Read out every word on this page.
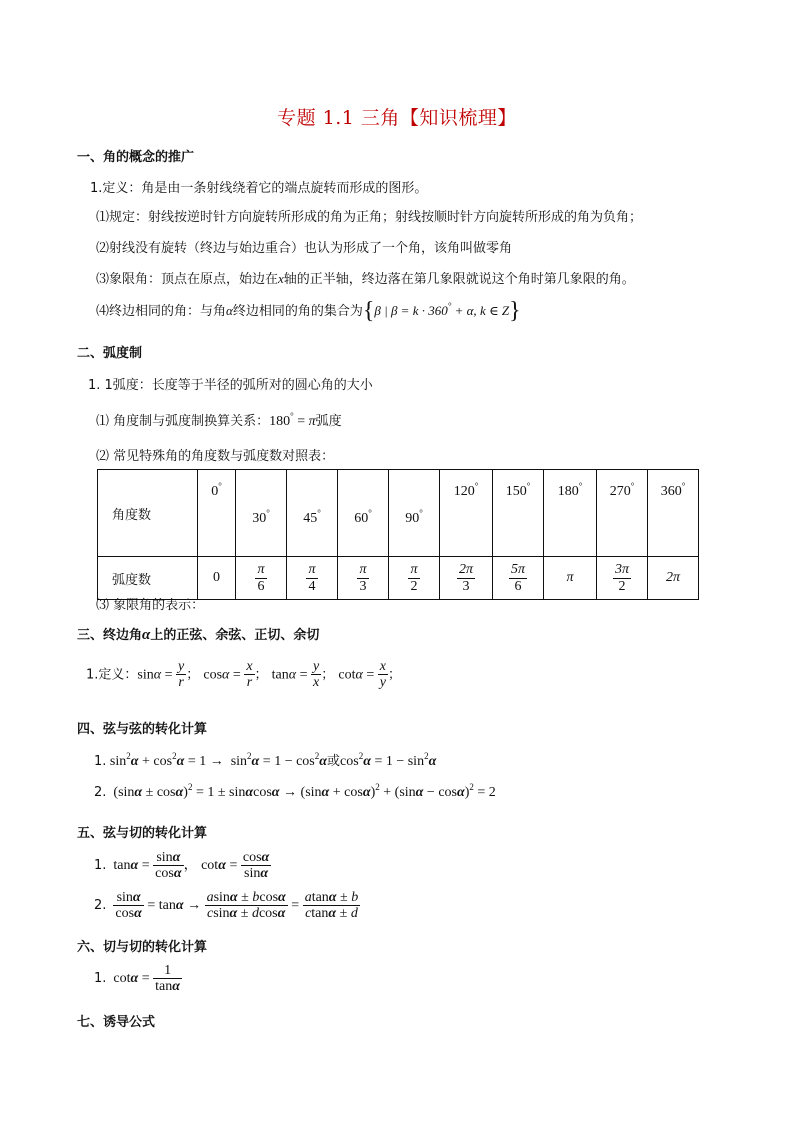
专题 1.1 三角【知识梳理】
一、角的概念的推广
1.定义：角是由一条射线绕着它的端点旋转而形成的图形。
⑴规定：射线按逆时针方向旋转所形成的角为正角；射线按顺时针方向旋转所形成的角为负角；
⑵射线没有旋转（终边与始边重合）也认为形成了一个角，该角叫做零角
⑶象限角：顶点在原点，始边在x轴的正半轴，终边落在第几象限就说这个角时第几象限的角。
⑷终边相同的角：与角α终边相同的角的集合为{β | β = k · 360° + α, k ∈ Z}
二、弧度制
1. 1弧度：长度等于半径的弧所对的圆心角的大小
⑴ 角度制与弧度制换算关系：180° = π弧度
⑵ 常见特殊角的角度数与弧度数对照表：
角度数	0°	30°	45°	60°	90°	120°	150°	180°	270°	360°
弧度数	0	$\frac{\pi}{6}$	$\frac{\pi}{4}$	$\frac{\pi}{3}$	$\frac{\pi}{2}$	$\frac{2\pi}{3}$	$\frac{5\pi}{6}$	π	$\frac{3\pi}{2}$	2π
⑶ 象限角的表示：
三、终边角α上的正弦、余弦、正切、余切
1.定义：$\sin\alpha = \frac{y}{r}$ ； $\cos\alpha = \frac{x}{r}$ ； $\tan\alpha = \frac{y}{x}$ ； $\cot\alpha = \frac{x}{y}$ ；
四、弦与弦的转化计算
1. $\sin^2\alpha + \cos^2\alpha = 1 \to \sin^2\alpha = 1 - \cos^2\alpha$或$\cos^2\alpha = 1 - \sin^2\alpha$
2.  $(\sin\alpha \pm \cos\alpha)^2 = 1 \pm \sin\alpha\cos\alpha \to (\sin\alpha + \cos\alpha)^2 + (\sin\alpha - \cos\alpha)^2 = 2$
五、弦与切的转化计算
1.  $\tan\alpha = \frac{\sin\alpha}{\cos\alpha}$ ， $\cot\alpha = \frac{\cos\alpha}{\sin\alpha}$
2. $\frac{\sin\alpha}{\cos\alpha} = \tan\alpha \to \frac{asin\alpha \pm bcos\alpha}{csin\alpha \pm dcos\alpha} = \frac{atan\alpha \pm b}{ctan\alpha \pm d}$
六、切与切的转化计算
1.  $\cot\alpha = \frac{1}{\tan\alpha}$
七、诱导公式
